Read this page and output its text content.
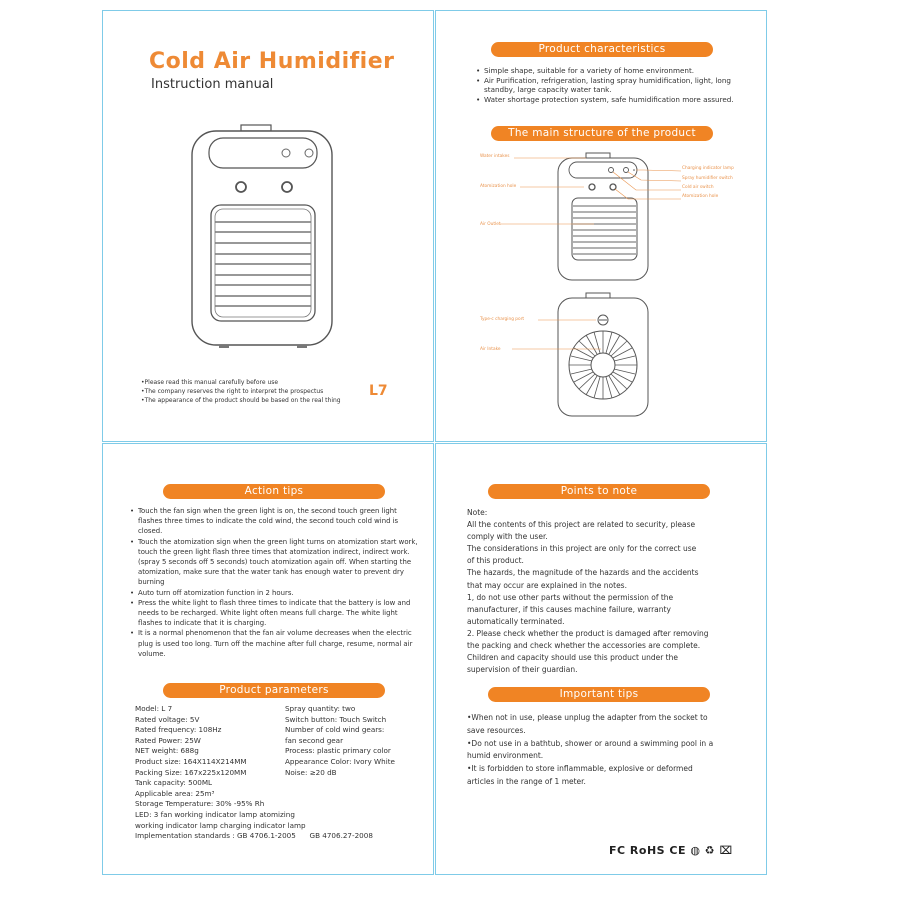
Cold Air Humidifier
Instruction manual
•Please read this manual carefully before use
•The company reserves the right to interpret the prospectus
•The appearance of the product should be based on the real thing
L7
Product characteristics
• Simple shape, suitable for a variety of home environment.
• Air Purification, refrigeration, lasting spray humidification, light, long standby, large capacity water tank.
• Water shortage protection system, safe humidification more assured.
The main structure of the product
Water intakes
Atomization hole
Air Outlet
Charging indicator lamp
Spray humidifier switch
Cold air switch
Atomization hole
Type-c charging port
Air Intake
Action tips
• Touch the fan sign when the green light is on, the second touch green light flashes three times to indicate the cold wind, the second touch cold wind is closed.
• Touch the atomization sign when the green light turns on atomization start work, touch the green light flash three times that atomization indirect, indirect work. (spray 5 seconds off 5 seconds) touch atomization again off. When starting the atomization, make sure that the water tank has enough water to prevent dry burning
• Auto turn off atomization function in 2 hours.
• Press the white light to flash three times to indicate that the battery is low and needs to be recharged. White light often means full charge. The white light flashes to indicate that it is charging.
• It is a normal phenomenon that the fan air volume decreases when the electric plug is used too long. Turn off the machine after full charge, resume, normal air volume.
Product parameters
Model: L 7
Rated voltage: 5V
Rated frequency: 108Hz
Rated Power: 25W
NET weight: 688g
Product size: 164X114X214MM
Packing Size: 167x225x120MM
Tank capacity: 500ML
Applicable area: 25m³
Storage Temperature: 30% -95% Rh
LED: 3 fan working indicator lamp atomizing
working indicator lamp charging indicator lamp
Implementation standards : GB 4706.1-2005      GB 4706.27-2008
Spray quantity: two
Switch button: Touch Switch
Number of cold wind gears:
fan second gear
Process: plastic primary color
Appearance Color: Ivory White
Noise: ≥20 dB
Points to note
Note:
All the contents of this project are related to security, please
comply with the user.
The considerations in this project are only for the correct use
of this product.
The hazards, the magnitude of the hazards and the accidents
that may occur are explained in the notes.
1, do not use other parts without the permission of the
manufacturer, if this causes machine failure, warranty
automatically terminated.
2. Please check whether the product is damaged after removing
the packing and check whether the accessories are complete.
Children and capacity should use this product under the
supervision of their guardian.
Important tips
•When not in use, please unplug the adapter from the socket to
save resources.
•Do not use in a bathtub, shower or around a swimming pool in a
humid environment.
•It is forbidden to store inflammable, explosive or deformed
articles in the range of 1 meter.
FC RoHS CE ◍ ♻ ⌧
